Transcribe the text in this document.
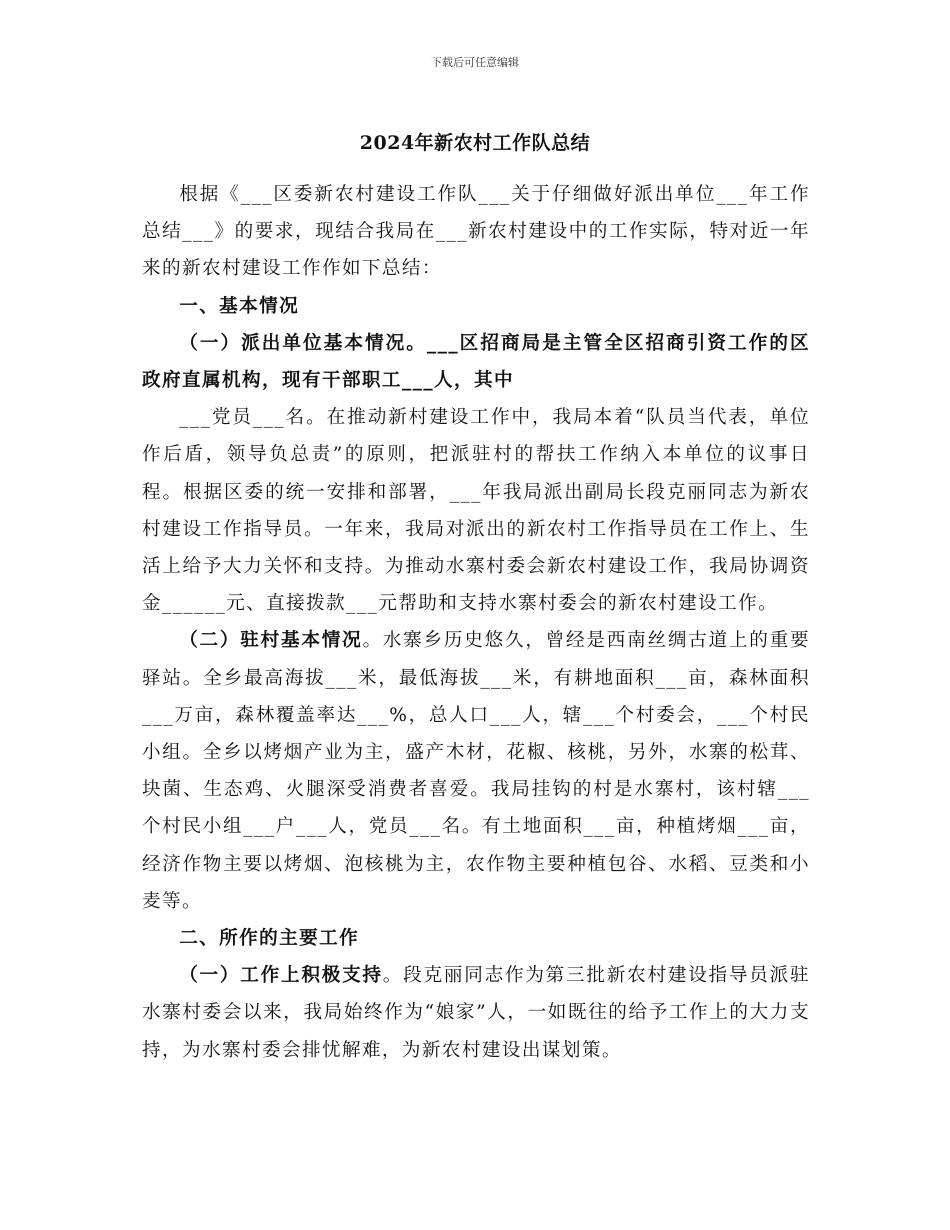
下载后可任意编辑
2024年新农村工作队总结

根据《___区委新农村建设工作队___关于仔细做好派出单位___年工作总结___》的要求，现结合我局在___新农村建设中的工作实际，特对近一年来的新农村建设工作作如下总结：

一、基本情况

（一）派出单位基本情况。___区招商局是主管全区招商引资工作的区政府直属机构，现有干部职工___人，其中

___党员___名。在推动新村建设工作中，我局本着“队员当代表，单位作后盾，领导负总责”的原则，把派驻村的帮扶工作纳入本单位的议事日程。根据区委的统一安排和部署，___年我局派出副局长段克丽同志为新农村建设工作指导员。一年来，我局对派出的新农村工作指导员在工作上、生活上给予大力关怀和支持。为推动水寨村委会新农村建设工作，我局协调资金______元、直接拨款___元帮助和支持水寨村委会的新农村建设工作。

（二）驻村基本情况。水寨乡历史悠久，曾经是西南丝绸古道上的重要驿站。全乡最高海拔___米，最低海拔___米，有耕地面积___亩，森林面积___万亩，森林覆盖率达___%，总人口___人，辖___个村委会，___个村民小组。全乡以烤烟产业为主，盛产木材，花椒、核桃，另外，水寨的松茸、块菌、生态鸡、火腿深受消费者喜爱。我局挂钩的村是水寨村，该村辖___个村民小组___户___人，党员___名。有土地面积___亩，种植烤烟___亩，经济作物主要以烤烟、泡核桃为主，农作物主要种植包谷、水稻、豆类和小麦等。

二、所作的主要工作

（一）工作上积极支持。段克丽同志作为第三批新农村建设指导员派驻水寨村委会以来，我局始终作为“娘家”人，一如既往的给予工作上的大力支持，为水寨村委会排忧解难，为新农村建设出谋划策。
